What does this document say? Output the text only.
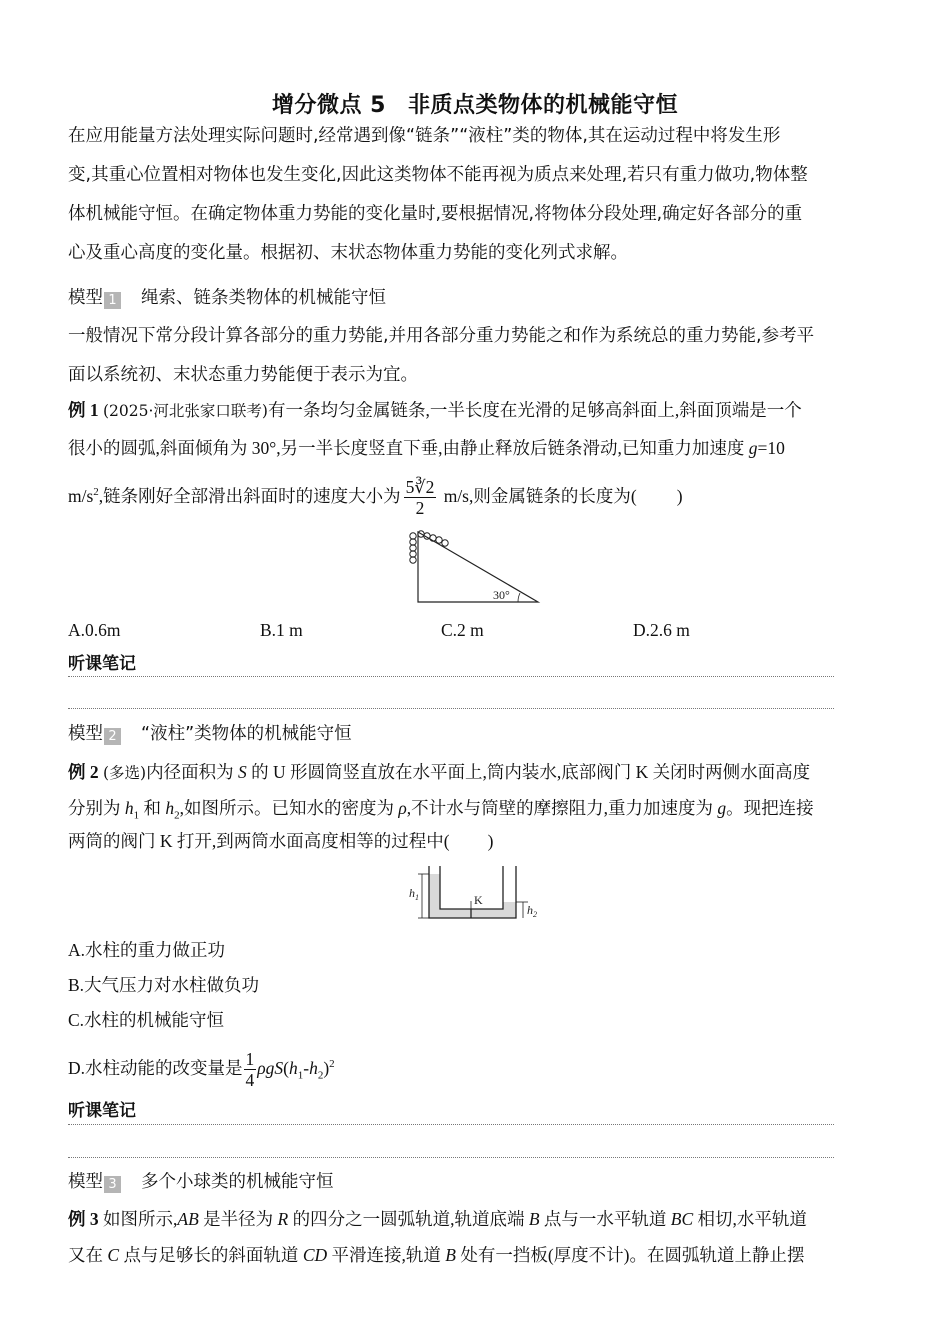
增分微点 5 非质点类物体的机械能守恒
在应用能量方法处理实际问题时,经常遇到像“链条”“液柱”类的物体,其在运动过程中将发生形
变,其重心位置相对物体也发生变化,因此这类物体不能再视为质点来处理,若只有重力做功,物体整
体机械能守恒。在确定物体重力势能的变化量时,要根据情况,将物体分段处理,确定好各部分的重
心及重心高度的变化量。根据初、末状态物体重力势能的变化列式求解。
模型 1 绳索、链条类物体的机械能守恒
一般情况下常分段计算各部分的重力势能,并用各部分重力势能之和作为系统总的重力势能,参考平
面以系统初、末状态重力势能便于表示为宜。
例 1 (2025·河北张家口联考)有一条均匀金属链条,一半长度在光滑的足够高斜面上,斜面顶端是一个
很小的圆弧,斜面倾角为 30°,另一半长度竖直下垂,由静止释放后链条滑动,已知重力加速度 g=10
$m/s^2$,链条刚好全部滑出斜面时的速度大小为 $\frac{5∛2}{2} m/s$,则金属链条的长度为( )
30°
A.0.6m	B.1 m	C.2 m	D.2.6 m
听课笔记
模型 2 “液柱”类物体的机械能守恒
例 2 (多选)内径面积为 S 的 U 形圆筒竖直放在水平面上,筒内装水,底部阀门 K 关闭时两侧水面高度
分别为 $h_1$ 和 $h_2$,如图所示。已知水的密度为 ρ,不计水与筒壁的摩擦阻力,重力加速度为 g。现把连接
两筒的阀门 K 打开,到两筒水面高度相等的过程中( )
K
$h_1$
$h_2$
A.水柱的重力做正功
B.大气压力对水柱做负功
C.水柱的机械能守恒
D.水柱动能的改变量是 $\frac{1}{4} \rho gS(h_1-h_2)^2$
听课笔记
模型 3 多个小球类的机械能守恒
例 3 如图所示,AB 是半径为 R 的四分之一圆弧轨道,轨道底端 B 点与一水平轨道 BC 相切,水平轨道
又在 C 点与足够长的斜面轨道 CD 平滑连接,轨道 B 处有一挡板(厚度不计)。在圆弧轨道上静止摆
